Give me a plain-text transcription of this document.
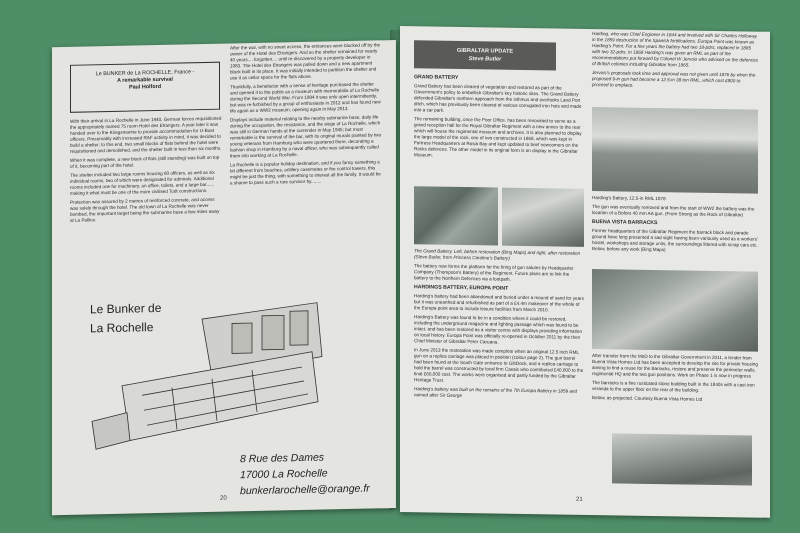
Le BUNKER de La ROCHELLE, France -

A remarkable survival
Paul Holford

With their arrival in La Rochelle in June 1940, German forces requisitioned the appropriately named 75 room Hotel des Etrangers. A year later it was handed over to the Kriegsmarine to provide accommodation for U-Boat officers. Presumably with increased RAF activity in mind, it was decided to build a shelter; to this end, two small blocks of flats behind the hotel were requisitioned and demolished, and the shelter built in less than six months.

When it was complete, a new block of flats (still standing) was built on top of it, becoming part of the hotel.

The shelter included two large rooms housing 60 officers, as well as six individual rooms, two of which were designated for admirals. Additional rooms included one for machinery, an office, toilets, and a large bar...... making it what must be one of the more civilised Todt constructions.

Protection was assured by 2 metres of reinforced concrete, and access was solely through the hotel. The old town of La Rochelle was never bombed, the important target being the submarine base a few miles away at La Pallice.

After the war, with no street access, the entrances were blocked off by the owner of the Hotel des Etrangers. And so the shelter remained for nearly 40 years.... forgotten.... until re-discovered by a property developer in 1983. The Hotel des Etrangers was pulled down and a new apartment block built in its place. It was initially intended to partition the shelter and use it as cellar space for the flats above.

Thankfully, a benefactor with a sense of heritage purchased the shelter and opened it to the public as a museum with memorabilia of La Rochelle during the Second World War. From 1994 it was only open intermittently, but was re-furbished by a group of enthusiasts in 2012 and has found new life again as a WW2 museum, opening again in May 2013.

Displays include material relating to the nearby submarine base, daily life during the occupation, the resistance, and the siege of La Rochelle, which was still in German hands at the surrender in May 1945; but most remarkable is the survival of the bar, with its original murals painted by two young veterans from Hamburg who were quartered there, decorating a fashion shop in Hamburg by a naval officer, who was subsequently called them into working at La Rochelle.

La Rochelle is a popular holiday destination, and if you fancy something a bit different from beaches, artillery casemates or fire control towers, this might be just the thing, with something to interest all the family. It would be a shame to pass such a rare survivor by........

Le Bunker de
La Rochelle
8 Rue des Dames
17000 La Rochelle
bunkerlarochelle@orange.fr
20
GIBRALTAR UPDATE
Steve Butler

GRAND BATTERY

Grand Battery has been cleared of vegetation and restored as part of the Government's policy to embellish Gibraltar's key historic sites. The Grand Battery defended Gibraltar's northern approach from the isthmus and overlooks Land Port ditch, which has previously been cleared of various corrugated iron huts and made into a car park.

The remaining building, once the Poor Office, has been renovated to serve as a grand reception hall for the Royal Gibraltar Regiment with a new annex to the rear which will house the regimental museum and archives. It is also planned to display the large model of the rock, one of two constructed in 1868, which was kept in Fortress Headquarters at Rosia Bay and kept updated to brief newcomers on the Rocks defences. The other model in its original form is on display in the Gibraltar Museum.

The Grand Battery. Left, before restoration (Bing Maps) and right, after restoration (Steve Butler, from Princess Caroline's Battery)

The battery now forms the platform for the firing of gun salutes by Headquarter Company (Thompson's Battery) of the Regiment. Future plans are to link the battery to the Northern Defences via a footpath.

HARDINGS BATTERY, EUROPA POINT

Harding's battery had been abandoned and buried under a mound of sand for years but it was unearthed and refurbished as part of a £4.4m makeover of the whole of the Europa point area to include leisure facilities from March 2010.

Harding's Battery was found to be in a condition where it could be restored, including the underground magazine and lighting passage which was found to be intact, and has been restored as a visitor centre with displays providing information on local history. Europa Point was officially re-opened in October 2011 by the then Chief Minister of Gibraltar Peter Caruana.

In June 2013 the restoration was made complete when an original 12.5 inch RML gun on a replica carriage was placed in position (colour page 2). The gun barrel had been found at the South Gate entrance to GibDock, and a replica carriage to hold the barrel was constructed by local firm Casais who contributed £40,000 to the final £60,000 cost. The works were organised and partly funded by the Gibraltar Heritage Trust.

Harding's battery was built on the remains of the 7th Europa Battery in 1859 and named after Sir George

Harding, who was Chief Engineer in 1844 and involved with Sir Charles Holloway in the 1859 destruction of the Spanish fortifications. Europa Point was known as Harding's Point. For a few years the battery had two 18-pdrs, replaced in 1865 with two 32-pdrs. In 1868 Harding's was given an RML as part of the recommendations put forward by Colonel W Jervois who advised on the defences of British colonies including Gibraltar from 1865.

Jervois's proposals took time and approval was not given until 1876 by when the proposed 9-in gun had become a 12.5-in 38 ton RML, which cost £800 to proceed to emplace.

Harding's Battery, 12.5-in RML 1878

The gun was eventually removed and from the start of WW2 the battery was the location of a Bofors 40 mm AA gun. (From Strong as the Rock of Gibraltar)

BUENA VISTA BARRACKS

Former headquarters of the Gibraltar Regiment the barrack block and parade ground have long presented a sad sight having been variously used as a workers' hostel, workshops and storage units, the surroundings littered with scrap cars etc. Below, before any work (Bing Maps)

After transfer from the MoD to the Gibraltar Government in 2011, a tender from Buena Vista Homes Ltd has been accepted to develop the site for private housing aiming to find a reuse for the Barracks, restore and preserve the perimeter walls, regimental HQ and the two gun positions. Work on Phase 1 is now in progress

The barracks is a fine rusticated stone building built in the 1840s with a cast iron veranda to the upper floor on the rear of the building.

Below, as projected. Courtesy Buena Vista Homes Ltd

21
